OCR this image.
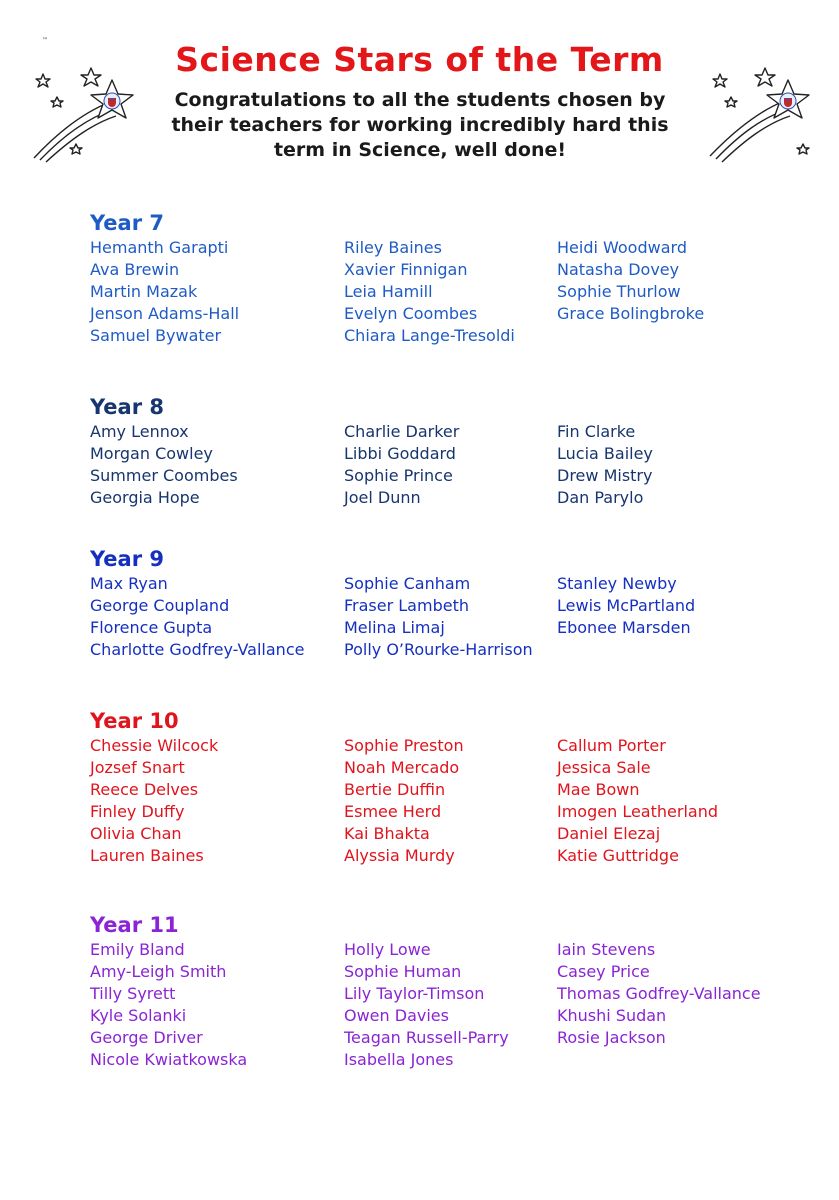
™	Science Stars of the Term
Congratulations to all the students chosen by their teachers for working incredibly hard this term in Science, well done!
Year 7
Hemanth Garapti
Ava Brewin
Martin Mazak
Jenson Adams-Hall
Samuel Bywater
Riley Baines
Xavier Finnigan
Leia Hamill
Evelyn Coombes
Chiara Lange-Tresoldi
Heidi Woodward
Natasha Dovey
Sophie Thurlow
Grace Bolingbroke
Year 8
Amy Lennox
Morgan Cowley
Summer Coombes
Georgia Hope
Charlie Darker
Libbi Goddard
Sophie Prince
Joel Dunn
Fin Clarke
Lucia Bailey
Drew Mistry
Dan Parylo
Year 9
Max Ryan
George Coupland
Florence Gupta
Charlotte Godfrey-Vallance
Sophie Canham
Fraser Lambeth
Melina Limaj
Polly O’Rourke-Harrison
Stanley Newby
Lewis McPartland
Ebonee Marsden
Year 10
Chessie Wilcock
Jozsef Snart
Reece Delves
Finley Duffy
Olivia Chan
Lauren Baines
Sophie Preston
Noah Mercado
Bertie Duffin
Esmee Herd
Kai Bhakta
Alyssia Murdy
Callum Porter
Jessica Sale
Mae Bown
Imogen Leatherland
Daniel Elezaj
Katie Guttridge
Year 11
Emily Bland
Amy-Leigh Smith
Tilly Syrett
Kyle Solanki
George Driver
Nicole Kwiatkowska
Holly Lowe
Sophie Human
Lily Taylor-Timson
Owen Davies
Teagan Russell-Parry
Isabella Jones
Iain Stevens
Casey Price
Thomas Godfrey-Vallance
Khushi Sudan
Rosie Jackson
